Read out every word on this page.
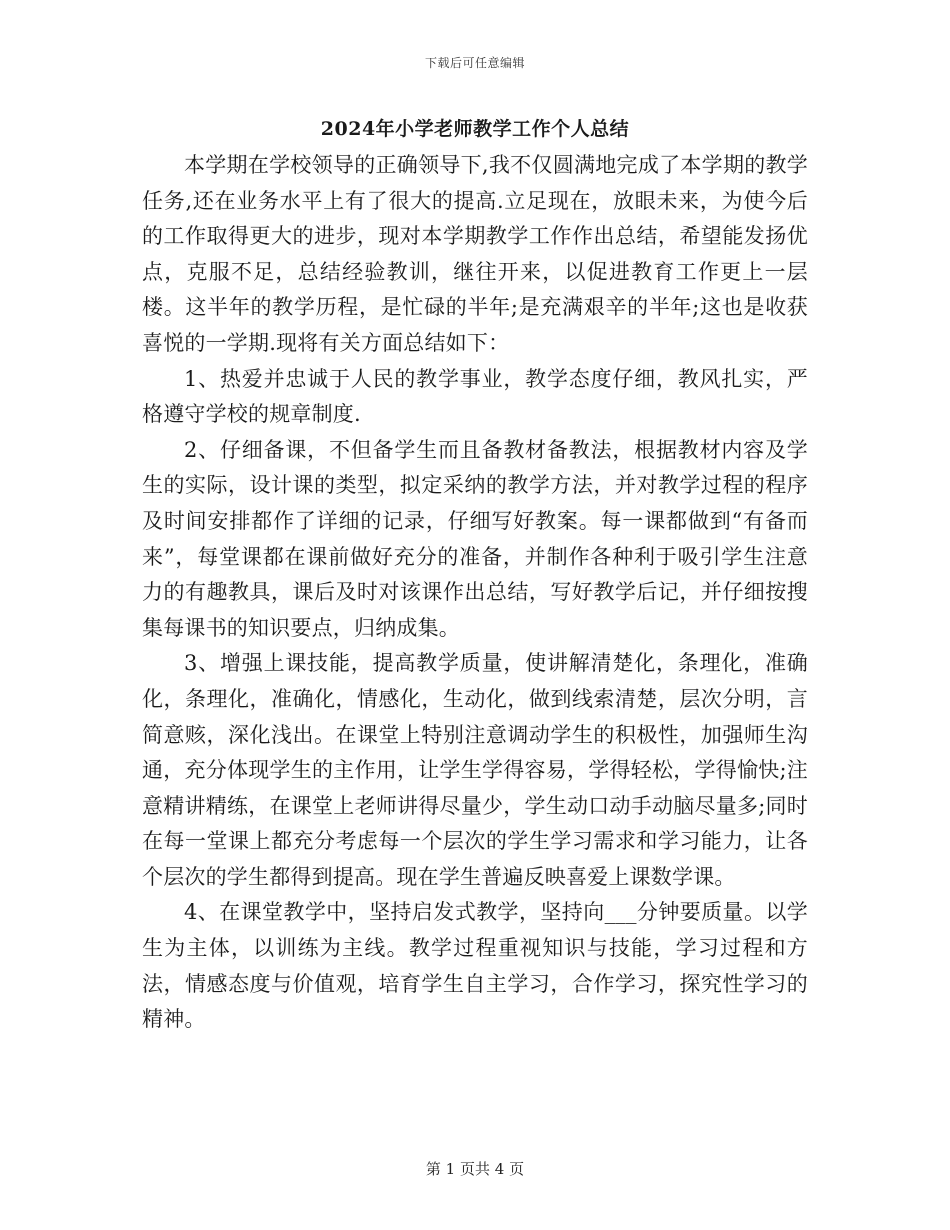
下载后可任意编辑
2024年小学老师教学工作个人总结

本学期在学校领导的正确领导下,我不仅圆满地完成了本学期的教学任务,还在业务水平上有了很大的提高.立足现在，放眼未来，为使今后的工作取得更大的进步，现对本学期教学工作作出总结，希望能发扬优点，克服不足，总结经验教训，继往开来，以促进教育工作更上一层楼。这半年的教学历程，是忙碌的半年;是充满艰辛的半年;这也是收获喜悦的一学期.现将有关方面总结如下：

1、热爱并忠诚于人民的教学事业，教学态度仔细，教风扎实，严格遵守学校的规章制度.

2、仔细备课，不但备学生而且备教材备教法，根据教材内容及学生的实际，设计课的类型，拟定采纳的教学方法，并对教学过程的程序及时间安排都作了详细的记录，仔细写好教案。每一课都做到“有备而来”，每堂课都在课前做好充分的准备，并制作各种利于吸引学生注意力的有趣教具，课后及时对该课作出总结，写好教学后记，并仔细按搜集每课书的知识要点，归纳成集。

3、增强上课技能，提高教学质量，使讲解清楚化，条理化，准确化，条理化，准确化，情感化，生动化，做到线索清楚，层次分明，言简意赅，深化浅出。在课堂上特别注意调动学生的积极性，加强师生沟通，充分体现学生的主作用，让学生学得容易，学得轻松，学得愉快;注意精讲精练，在课堂上老师讲得尽量少，学生动口动手动脑尽量多;同时在每一堂课上都充分考虑每一个层次的学生学习需求和学习能力，让各个层次的学生都得到提高。现在学生普遍反映喜爱上课数学课。

4、在课堂教学中，坚持启发式教学，坚持向___分钟要质量。以学生为主体，以训练为主线。教学过程重视知识与技能，学习过程和方法，情感态度与价值观，培育学生自主学习，合作学习，探究性学习的精神。

第 1 页共 4 页
